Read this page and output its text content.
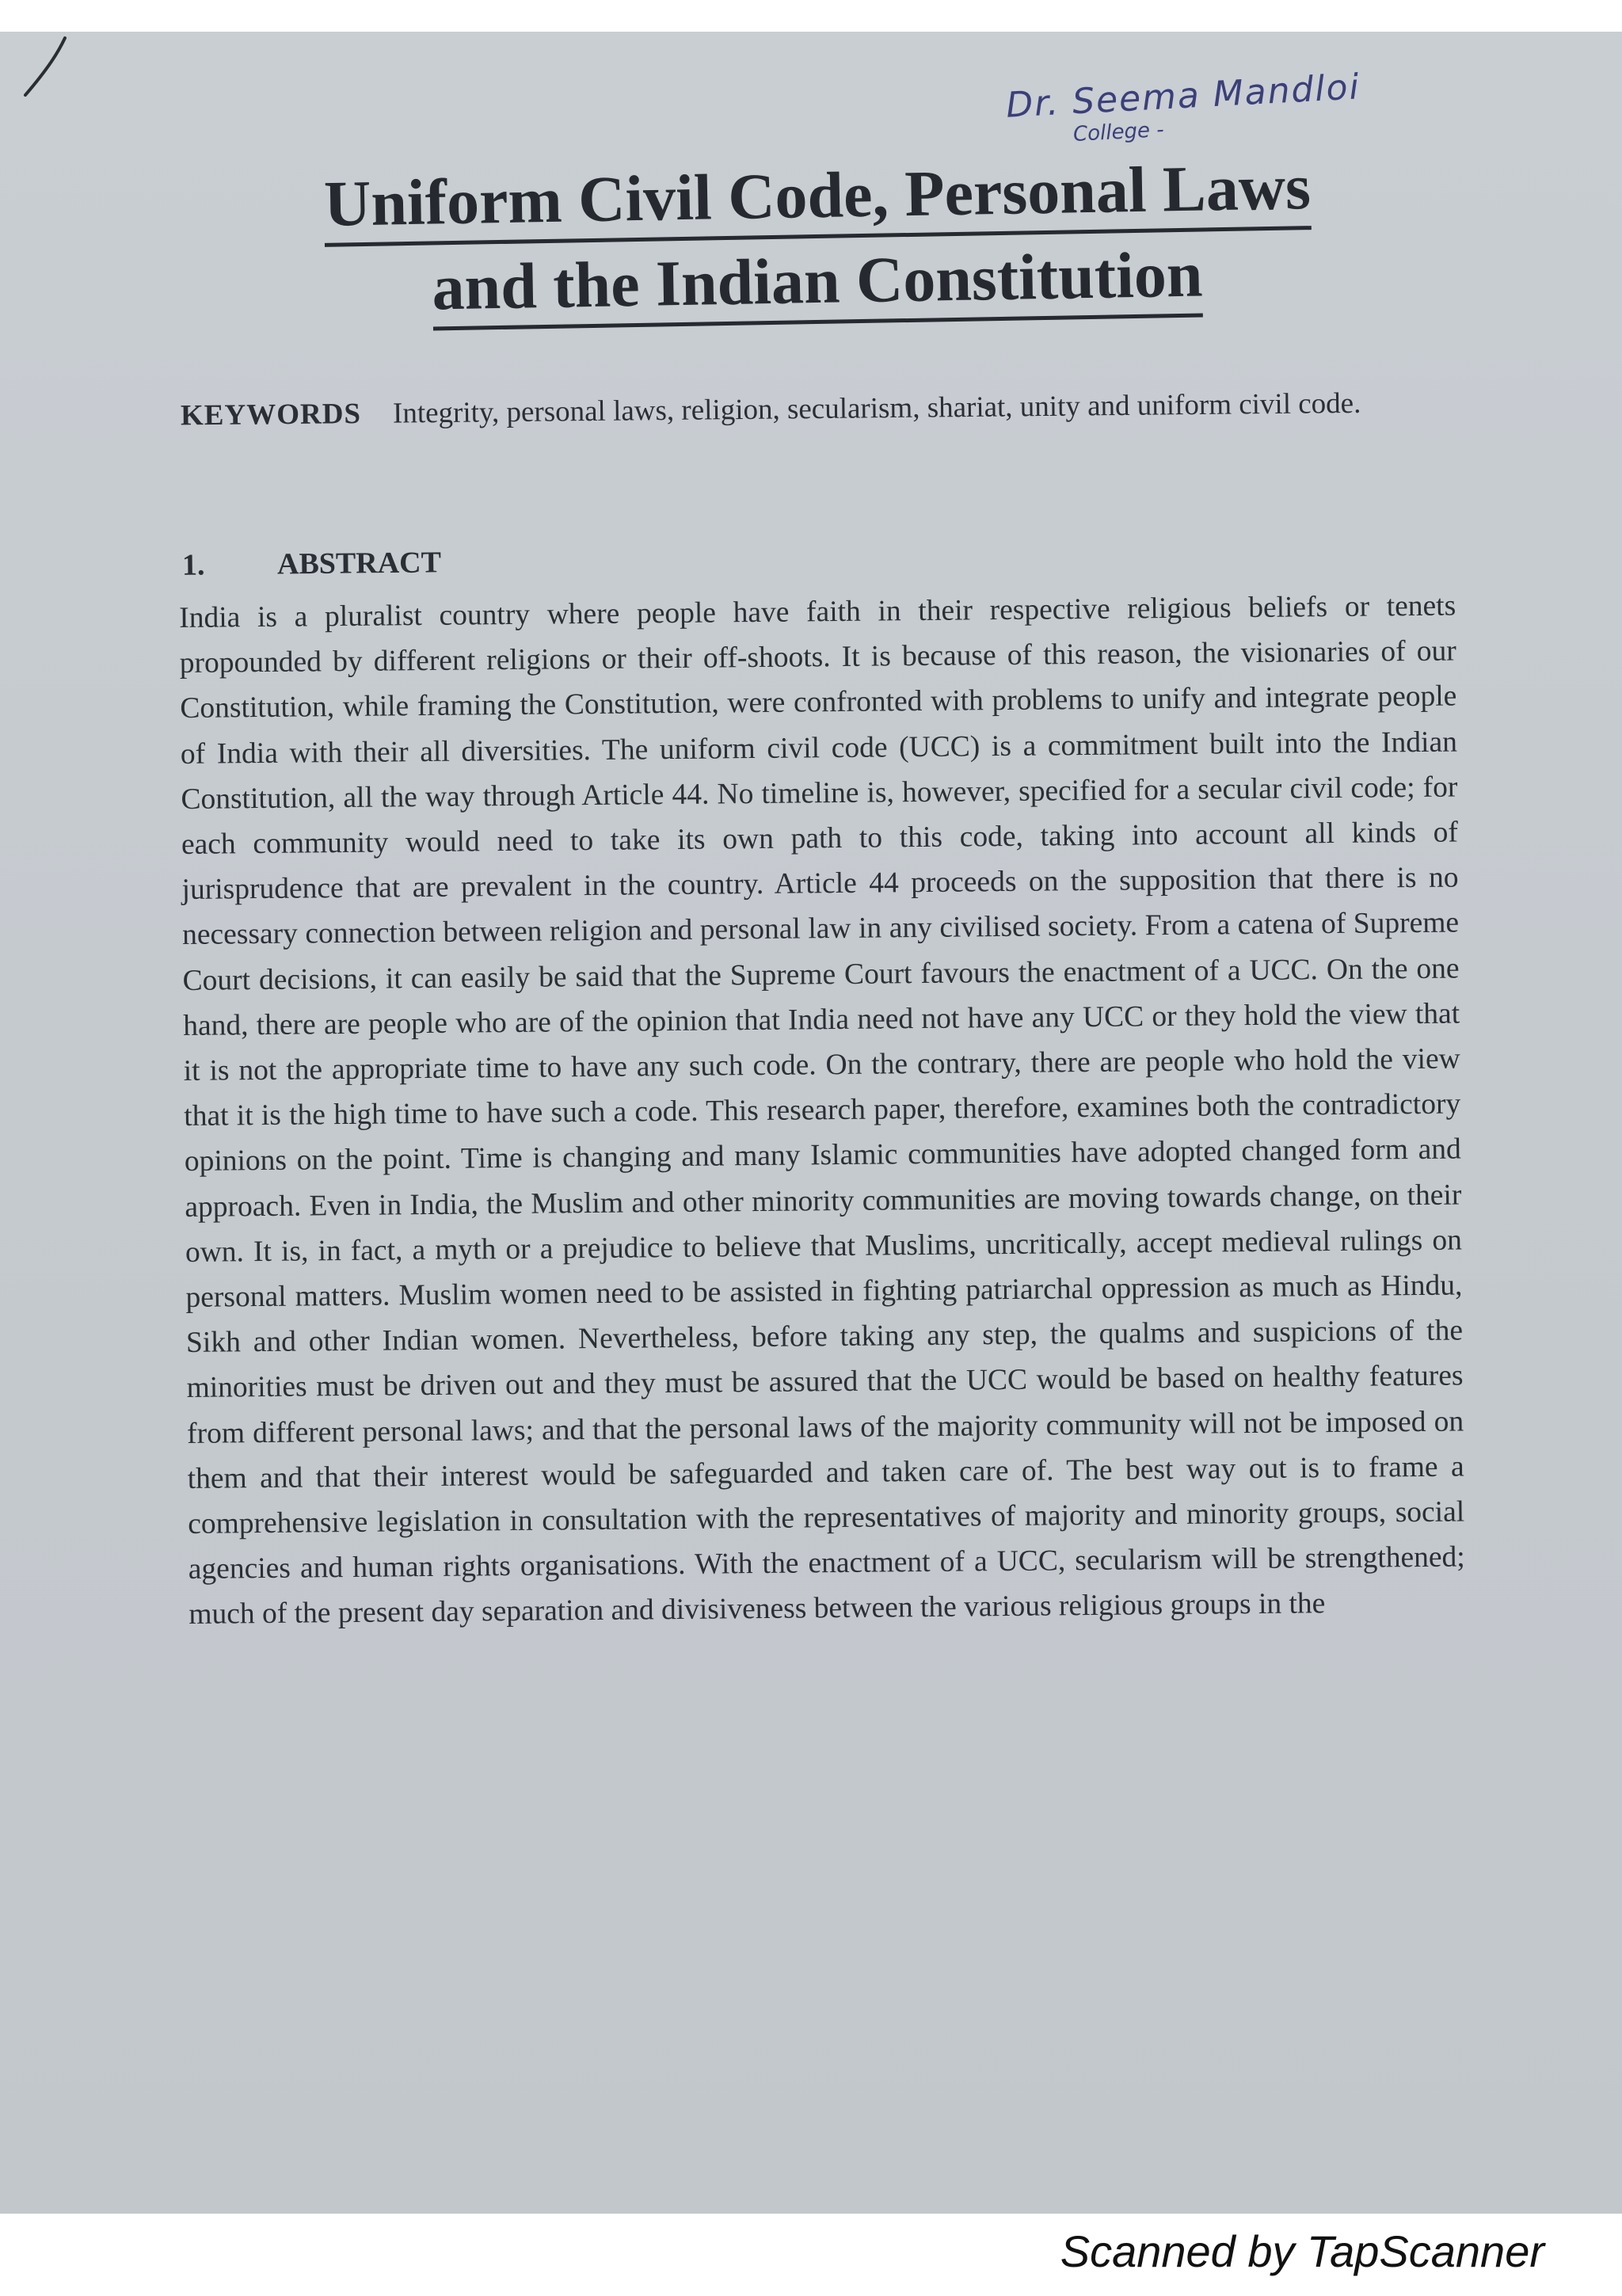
Dr. Seema Mandloi
College -
Uniform Civil Code, Personal Laws
and the Indian Constitution

KEYWORDS Integrity, personal laws, religion, secularism, shariat, unity and uniform civil code.

1. ABSTRACT

India is a pluralist country where people have faith in their respective religious beliefs or tenets propounded by different religions or their off-shoots. It is because of this reason, the visionaries of our Constitution, while framing the Constitution, were confronted with problems to unify and integrate people of India with their all diversities. The uniform civil code (UCC) is a commitment built into the Indian Constitution, all the way through Article 44. No timeline is, however, specified for a secular civil code; for each community would need to take its own path to this code, taking into account all kinds of jurisprudence that are prevalent in the country. Article 44 proceeds on the supposition that there is no necessary connection between religion and personal law in any civilised society. From a catena of Supreme Court decisions, it can easily be said that the Supreme Court favours the enactment of a UCC. On the one hand, there are people who are of the opinion that India need not have any UCC or they hold the view that it is not the appropriate time to have any such code. On the contrary, there are people who hold the view that it is the high time to have such a code. This research paper, therefore, examines both the contradictory opinions on the point. Time is changing and many Islamic communities have adopted changed form and approach. Even in India, the Muslim and other minority communities are moving towards change, on their own. It is, in fact, a myth or a prejudice to believe that Muslims, uncritically, accept medieval rulings on personal matters. Muslim women need to be assisted in fighting patriarchal oppression as much as Hindu, Sikh and other Indian women. Nevertheless, before taking any step, the qualms and suspicions of the minorities must be driven out and they must be assured that the UCC would be based on healthy features from different personal laws; and that the personal laws of the majority community will not be imposed on them and that their interest would be safeguarded and taken care of. The best way out is to frame a comprehensive legislation in consultation with the representatives of majority and minority groups, social agencies and human rights organisations. With the enactment of a UCC, secularism will be strengthened; much of the present day separation and divisiveness between the various religious groups in the

Scanned by TapScanner
